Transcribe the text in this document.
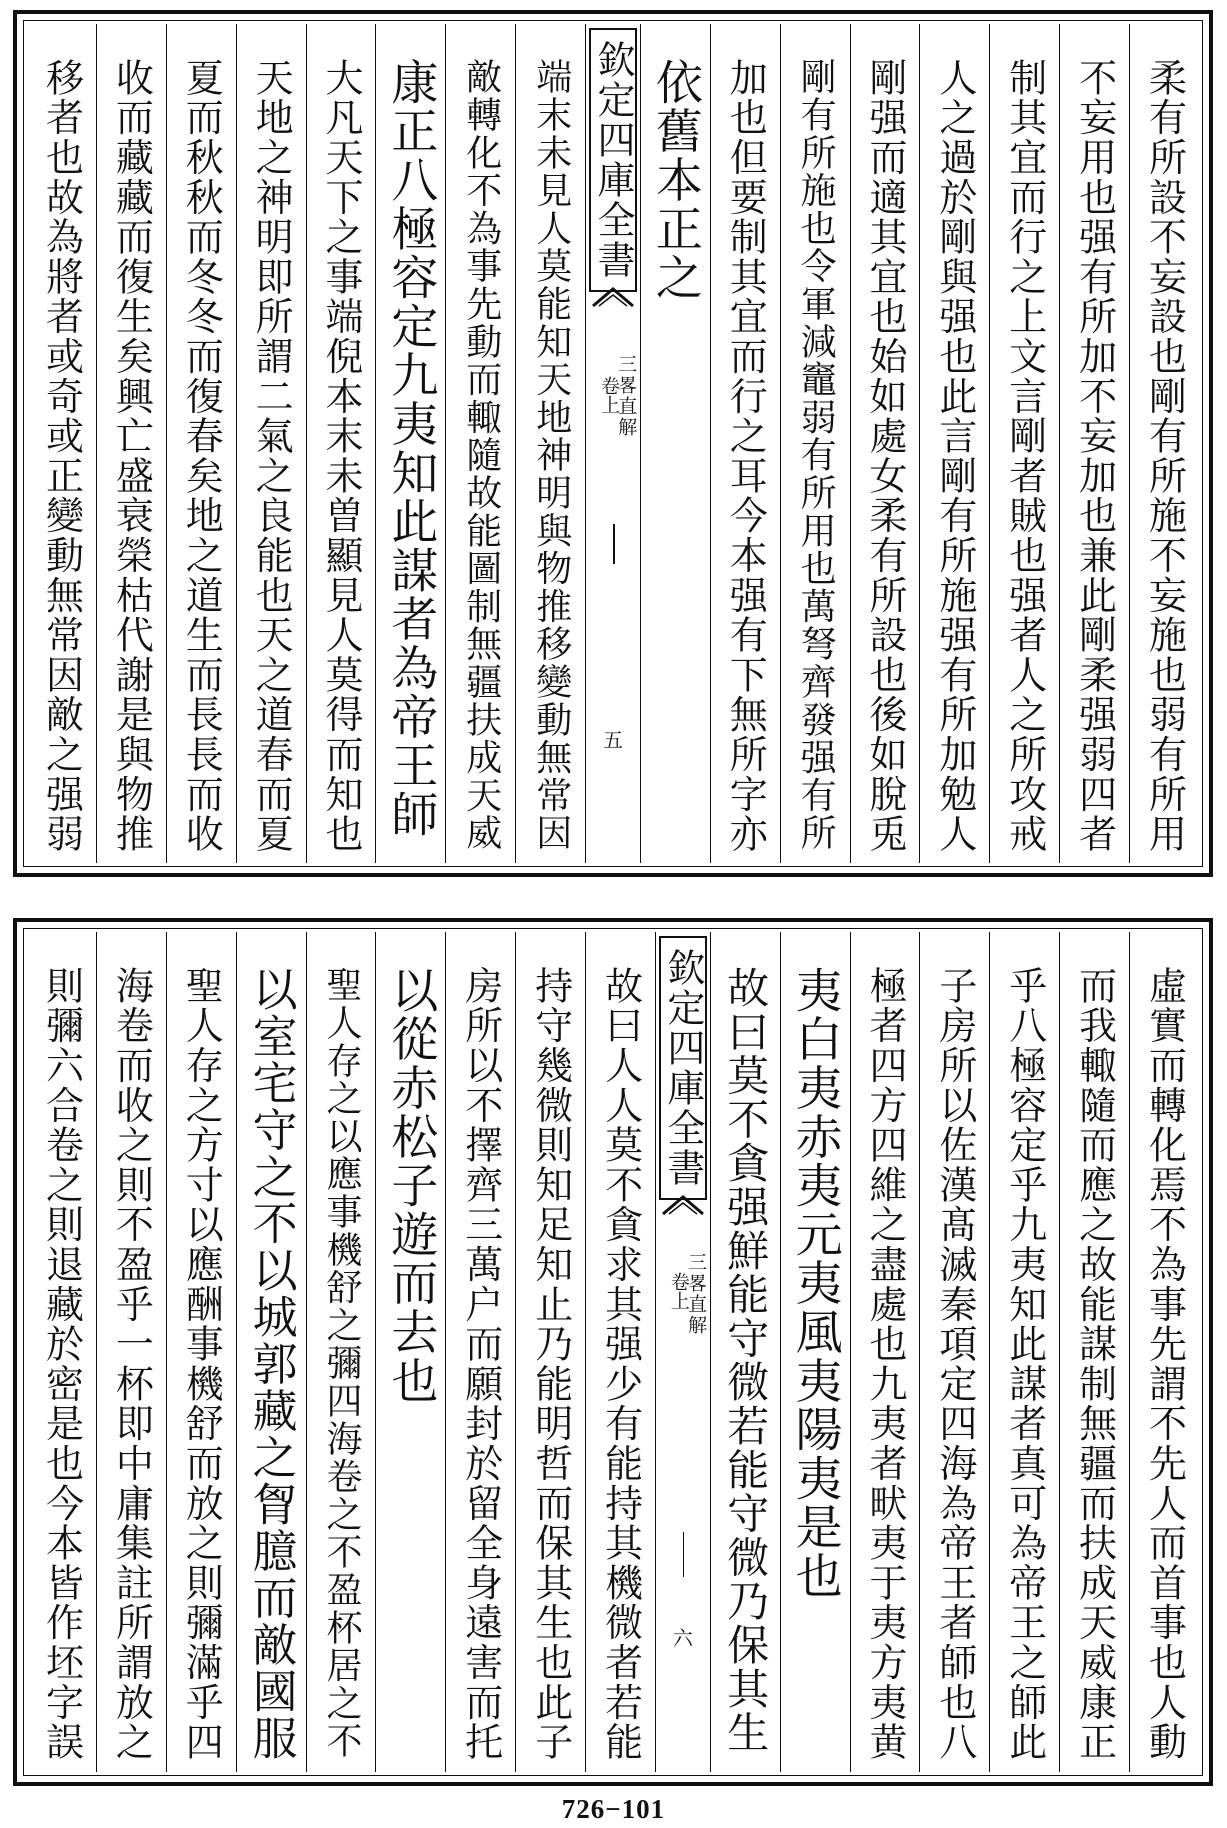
柔有所設不妄設也剛有所施不妄施也弱有所用
不妄用也强有所加不妄加也兼此剛柔强弱四者
制其宜而行之上文言剛者賊也强者人之所攻戒
人之過於剛與强也此言剛有所施强有所加勉人
剛强而適其宜也始如處女柔有所設也後如脫兎
剛有所施也令軍減竈弱有所用也萬弩齊發强有所
加也但要制其宜而行之耳今本强有下無所字亦
依舊本正之
欽定四庫全書
三畧直解
卷上
五
端末未見人莫能知天地神明與物推移變動無常因
敵轉化不為事先動而輙隨故能圖制無疆扶成天威
康正八極容定九夷知此謀者為帝王師
大凡天下之事端倪本末未曽顯見人莫得而知也
天地之神明即所謂二氣之良能也天之道春而夏
夏而秋秋而冬冬而復春矣地之道生而長長而收
收而藏藏而復生矣興亡盛衰榮枯代謝是與物推
移者也故為將者或奇或正變動無常因敵之强弱
虛實而轉化焉不為事先謂不先人而首事也人動
而我輙隨而應之故能謀制無疆而扶成天威康正
乎八極容定乎九夷知此謀者真可為帝王之師此
子房所以佐漢髙滅秦項定四海為帝王者師也八
極者四方四維之盡處也九夷者畎夷于夷方夷黄
夷白夷赤夷元夷風夷陽夷是也
故曰莫不貪强鮮能守微若能守微乃保其生
欽定四庫全書
三畧直解
卷上
六
故曰人人莫不貪求其强少有能持其機微者若能
持守幾微則知足知止乃能明哲而保其生也此子
房所以不擇齊三萬户而願封於留全身遠害而托
以從赤松子遊而去也
聖人存之以應事機舒之彌四海卷之不盈杯居之不
以室宅守之不以城郭藏之胷臆而敵國服
聖人存之方寸以應酬事機舒而放之則彌滿乎四
海卷而收之則不盈乎一杯即中庸集註所謂放之
則彌六合卷之則退藏於密是也今本皆作坯字誤
726−101
